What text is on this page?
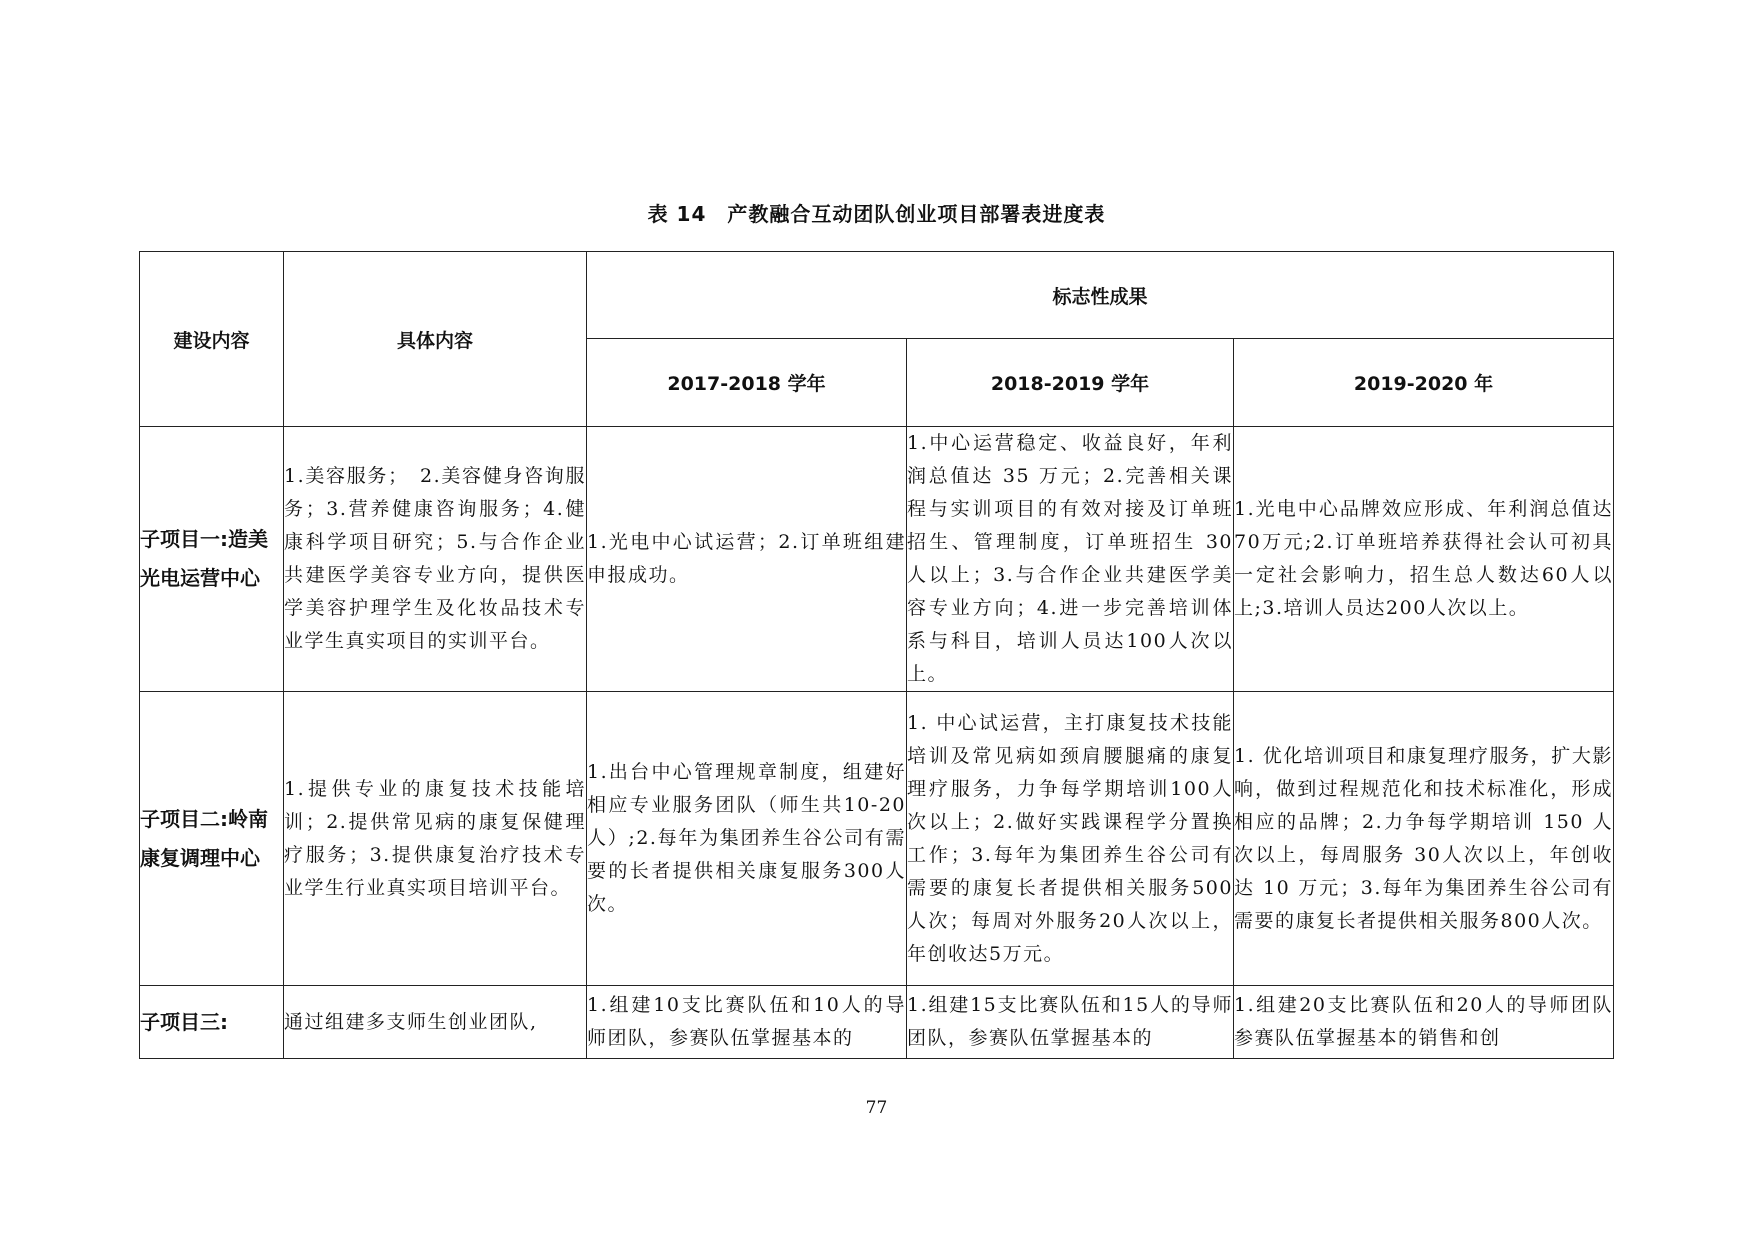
表 14　产教融合互动团队创业项目部署表进度表
建设内容	具体内容	标志性成果		
		2017-2018 学年	2018-2019 学年	2019-2020 年
子项目一:造美光电运营中心	1.美容服务；　2.美容健身咨询服务；3.营养健康咨询服务；4.健康科学项目研究；5.与合作企业共建医学美容专业方向，提供医学美容护理学生及化妆品技术专业学生真实项目的实训平台。	1.光电中心试运营；2.订单班组建申报成功。	1.中心运营稳定、收益良好，年利润总值达 35 万元；2.完善相关课程与实训项目的有效对接及订单班招生、管理制度，订单班招生 30 人以上；3.与合作企业共建医学美容专业方向；4.进一步完善培训体系与科目，培训人员达100人次以上。	1.光电中心品牌效应形成、年利润总值达70万元;2.订单班培养获得社会认可初具一定社会影响力，招生总人数达60人以上;3.培训人员达200人次以上。
子项目二:岭南康复调理中心	1.提供专业的康复技术技能培训；2.提供常见病的康复保健理疗服务；3.提供康复治疗技术专业学生行业真实项目培训平台。	1.出台中心管理规章制度，组建好相应专业服务团队（师生共10-20人）;2.每年为集团养生谷公司有需要的长者提供相关康复服务300人次。	1. 中心试运营，主打康复技术技能培训及常见病如颈肩腰腿痛的康复理疗服务，力争每学期培训100人次以上；2.做好实践课程学分置换工作；3.每年为集团养生谷公司有需要的康复长者提供相关服务500人次；每周对外服务20人次以上，年创收达5万元。	1. 优化培训项目和康复理疗服务，扩大影响，做到过程规范化和技术标准化，形成相应的品牌；2.力争每学期培训 150 人次以上，每周服务 30人次以上，年创收达 10 万元；3.每年为集团养生谷公司有需要的康复长者提供相关服务800人次。
子项目三:	通过组建多支师生创业团队,	1.组建10支比赛队伍和10人的导师团队，参赛队伍掌握基本的	1.组建15支比赛队伍和15人的导师团队，参赛队伍掌握基本的	1.组建20支比赛队伍和20人的导师团队参赛队伍掌握基本的销售和创
77
